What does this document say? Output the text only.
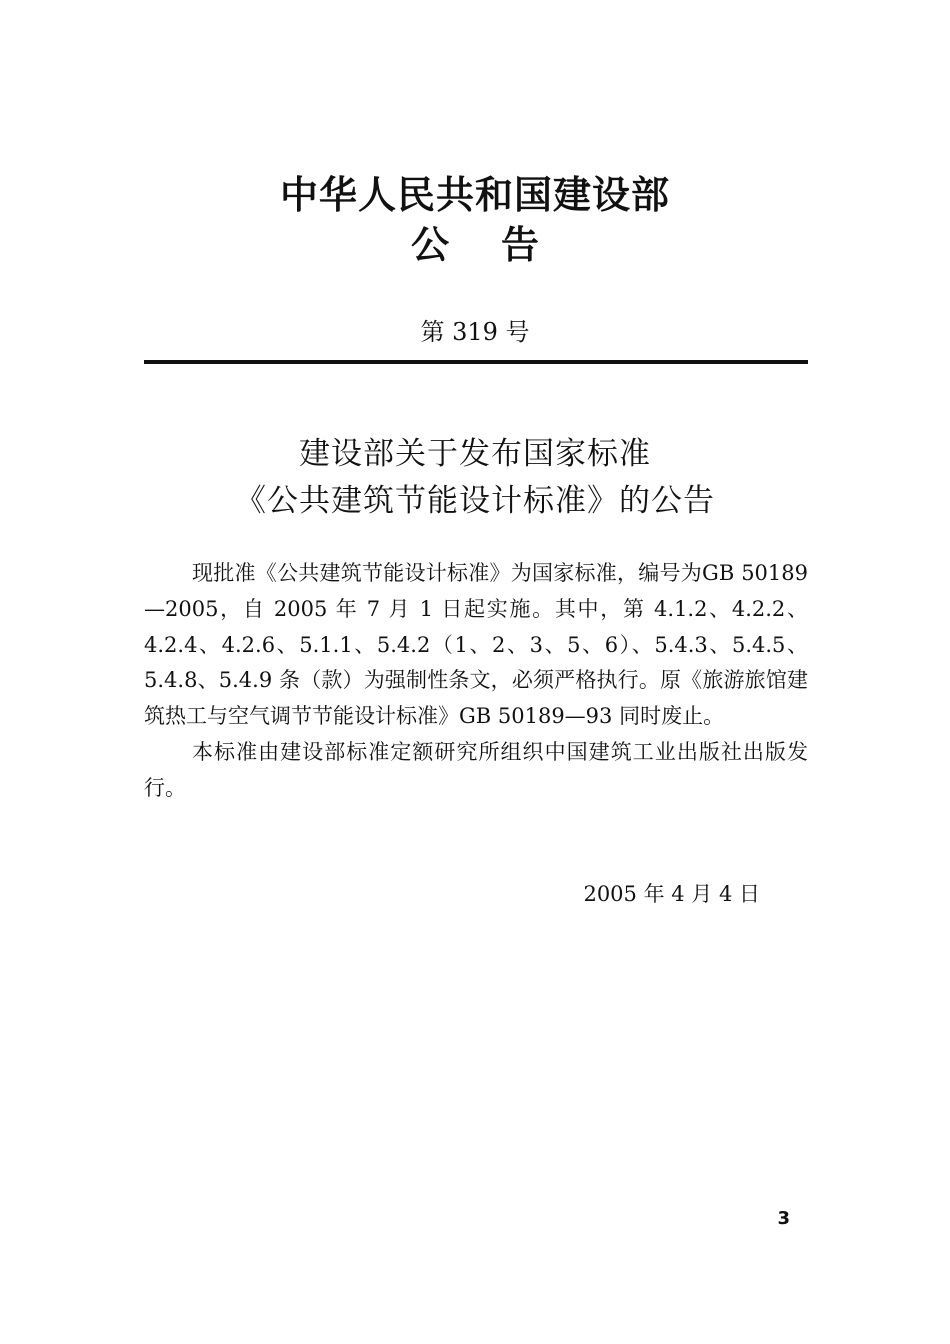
中华人民共和国建设部
公告
第 319 号
建设部关于发布国家标准
《公共建筑节能设计标准》的公告

现批准《公共建筑节能设计标准》为国家标准，编号为GB 50189—2005，自 2005 年 7 月 1 日起实施。其中，第 4.1.2、4.2.2、4.2.4、4.2.6、5.1.1、5.4.2（1、2、3、5、6）、5.4.3、5.4.5、5.4.8、5.4.9 条（款）为强制性条文，必须严格执行。原《旅游旅馆建筑热工与空气调节节能设计标准》GB 50189—93 同时废止。

本标准由建设部标准定额研究所组织中国建筑工业出版社出版发行。

2005 年 4 月 4 日
3
